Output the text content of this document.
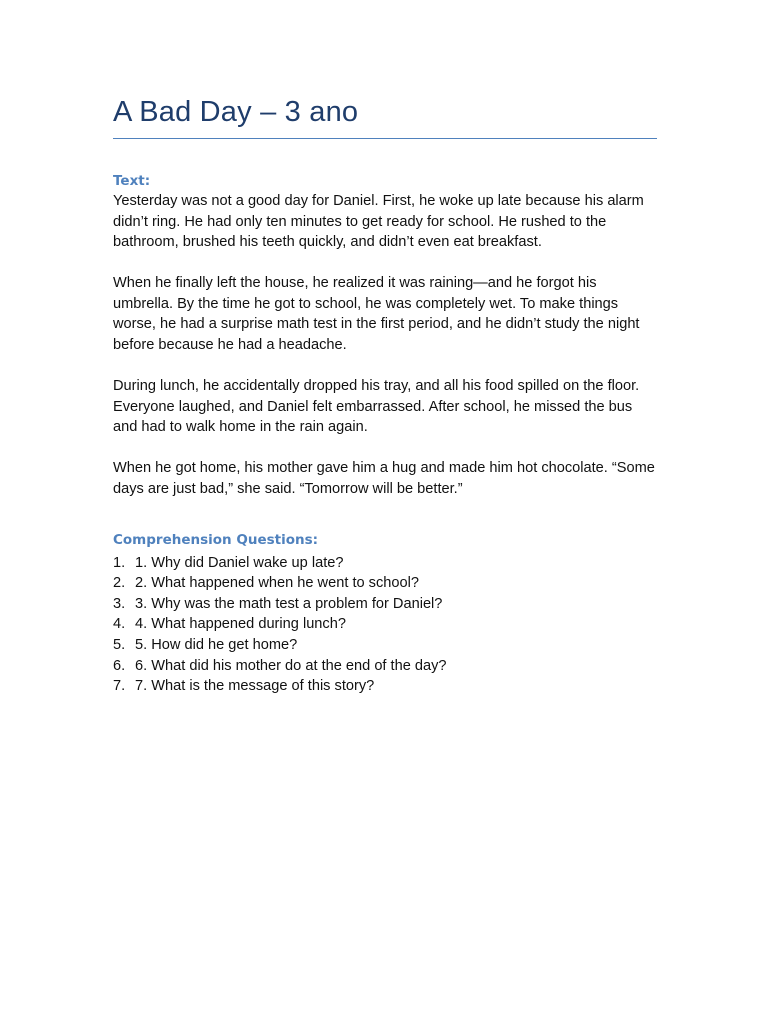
A Bad Day – 3 ano
Text:

Yesterday was not a good day for Daniel. First, he woke up late because his alarm didn’t ring. He had only ten minutes to get ready for school. He rushed to the bathroom, brushed his teeth quickly, and didn’t even eat breakfast.

When he finally left the house, he realized it was raining—and he forgot his umbrella. By the time he got to school, he was completely wet. To make things worse, he had a surprise math test in the first period, and he didn’t study the night before because he had a headache.

During lunch, he accidentally dropped his tray, and all his food spilled on the floor. Everyone laughed, and Daniel felt embarrassed. After school, he missed the bus and had to walk home in the rain again.

When he got home, his mother gave him a hug and made him hot chocolate. “Some days are just bad,” she said. “Tomorrow will be better.”

Comprehension Questions:
1. 1. Why did Daniel wake up late?
2. 2. What happened when he went to school?
3. 3. Why was the math test a problem for Daniel?
4. 4. What happened during lunch?
5. 5. How did he get home?
6. 6. What did his mother do at the end of the day?
7. 7. What is the message of this story?
